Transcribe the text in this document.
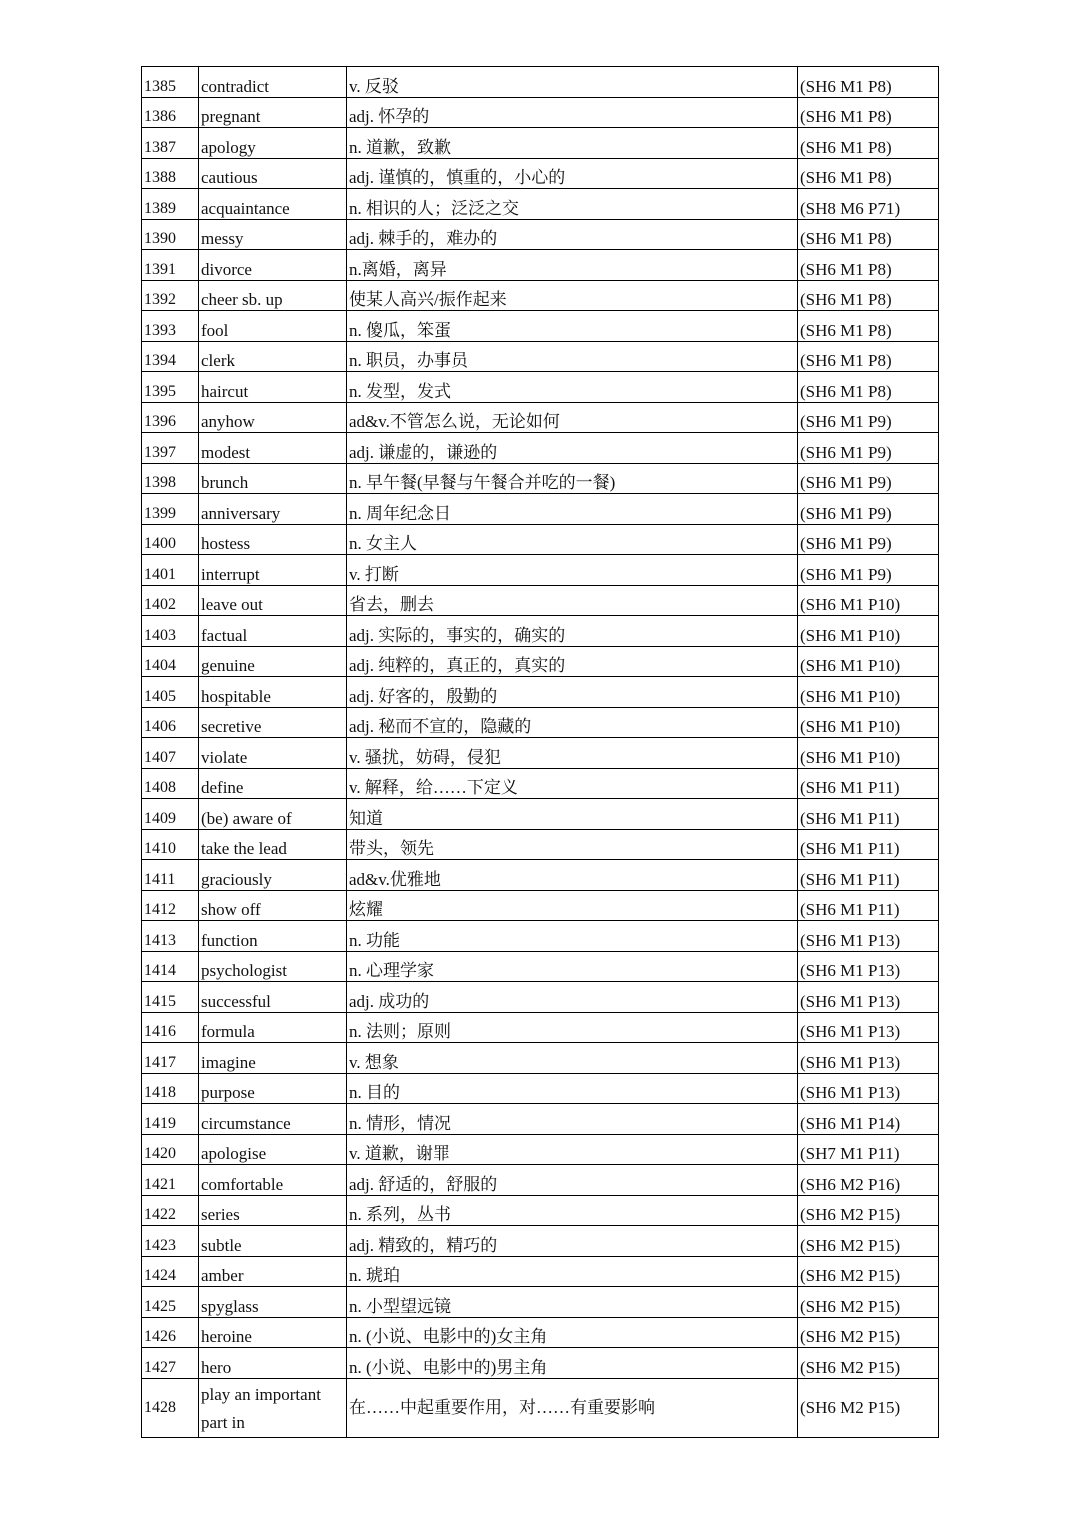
1385	contradict	v. 反驳	(SH6 M1 P8)
1386	pregnant	adj. 怀孕的	(SH6 M1 P8)
1387	apology	n. 道歉，致歉	(SH6 M1 P8)
1388	cautious	adj. 谨慎的，慎重的，小心的	(SH6 M1 P8)
1389	acquaintance	n. 相识的人；泛泛之交	(SH8 M6 P71)
1390	messy	adj. 棘手的，难办的	(SH6 M1 P8)
1391	divorce	n.离婚，离异	(SH6 M1 P8)
1392	cheer sb. up	使某人高兴/振作起来	(SH6 M1 P8)
1393	fool	n. 傻瓜，笨蛋	(SH6 M1 P8)
1394	clerk	n. 职员，办事员	(SH6 M1 P8)
1395	haircut	n. 发型，发式	(SH6 M1 P8)
1396	anyhow	ad&v.不管怎么说，无论如何	(SH6 M1 P9)
1397	modest	adj. 谦虚的，谦逊的	(SH6 M1 P9)
1398	brunch	n. 早午餐(早餐与午餐合并吃的一餐)	(SH6 M1 P9)
1399	anniversary	n. 周年纪念日	(SH6 M1 P9)
1400	hostess	n. 女主人	(SH6 M1 P9)
1401	interrupt	v. 打断	(SH6 M1 P9)
1402	leave out	省去，删去	(SH6 M1 P10)
1403	factual	adj. 实际的，事实的，确实的	(SH6 M1 P10)
1404	genuine	adj. 纯粹的，真正的，真实的	(SH6 M1 P10)
1405	hospitable	adj. 好客的，殷勤的	(SH6 M1 P10)
1406	secretive	adj. 秘而不宣的，隐藏的	(SH6 M1 P10)
1407	violate	v. 骚扰，妨碍，侵犯	(SH6 M1 P10)
1408	define	v. 解释，给……下定义	(SH6 M1 P11)
1409	(be) aware of	知道	(SH6 M1 P11)
1410	take the lead	带头，领先	(SH6 M1 P11)
1411	graciously	ad&v.优雅地	(SH6 M1 P11)
1412	show off	炫耀	(SH6 M1 P11)
1413	function	n. 功能	(SH6 M1 P13)
1414	psychologist	n. 心理学家	(SH6 M1 P13)
1415	successful	adj. 成功的	(SH6 M1 P13)
1416	formula	n. 法则；原则	(SH6 M1 P13)
1417	imagine	v. 想象	(SH6 M1 P13)
1418	purpose	n. 目的	(SH6 M1 P13)
1419	circumstance	n. 情形，情况	(SH6 M1 P14)
1420	apologise	v. 道歉，谢罪	(SH7 M1 P11)
1421	comfortable	adj. 舒适的，舒服的	(SH6 M2 P16)
1422	series	n. 系列，丛书	(SH6 M2 P15)
1423	subtle	adj. 精致的，精巧的	(SH6 M2 P15)
1424	amber	n. 琥珀	(SH6 M2 P15)
1425	spyglass	n. 小型望远镜	(SH6 M2 P15)
1426	heroine	n. (小说、电影中的)女主角	(SH6 M2 P15)
1427	hero	n. (小说、电影中的)男主角	(SH6 M2 P15)
1428	play an important part in	在……中起重要作用，对……有重要影响	(SH6 M2 P15)
